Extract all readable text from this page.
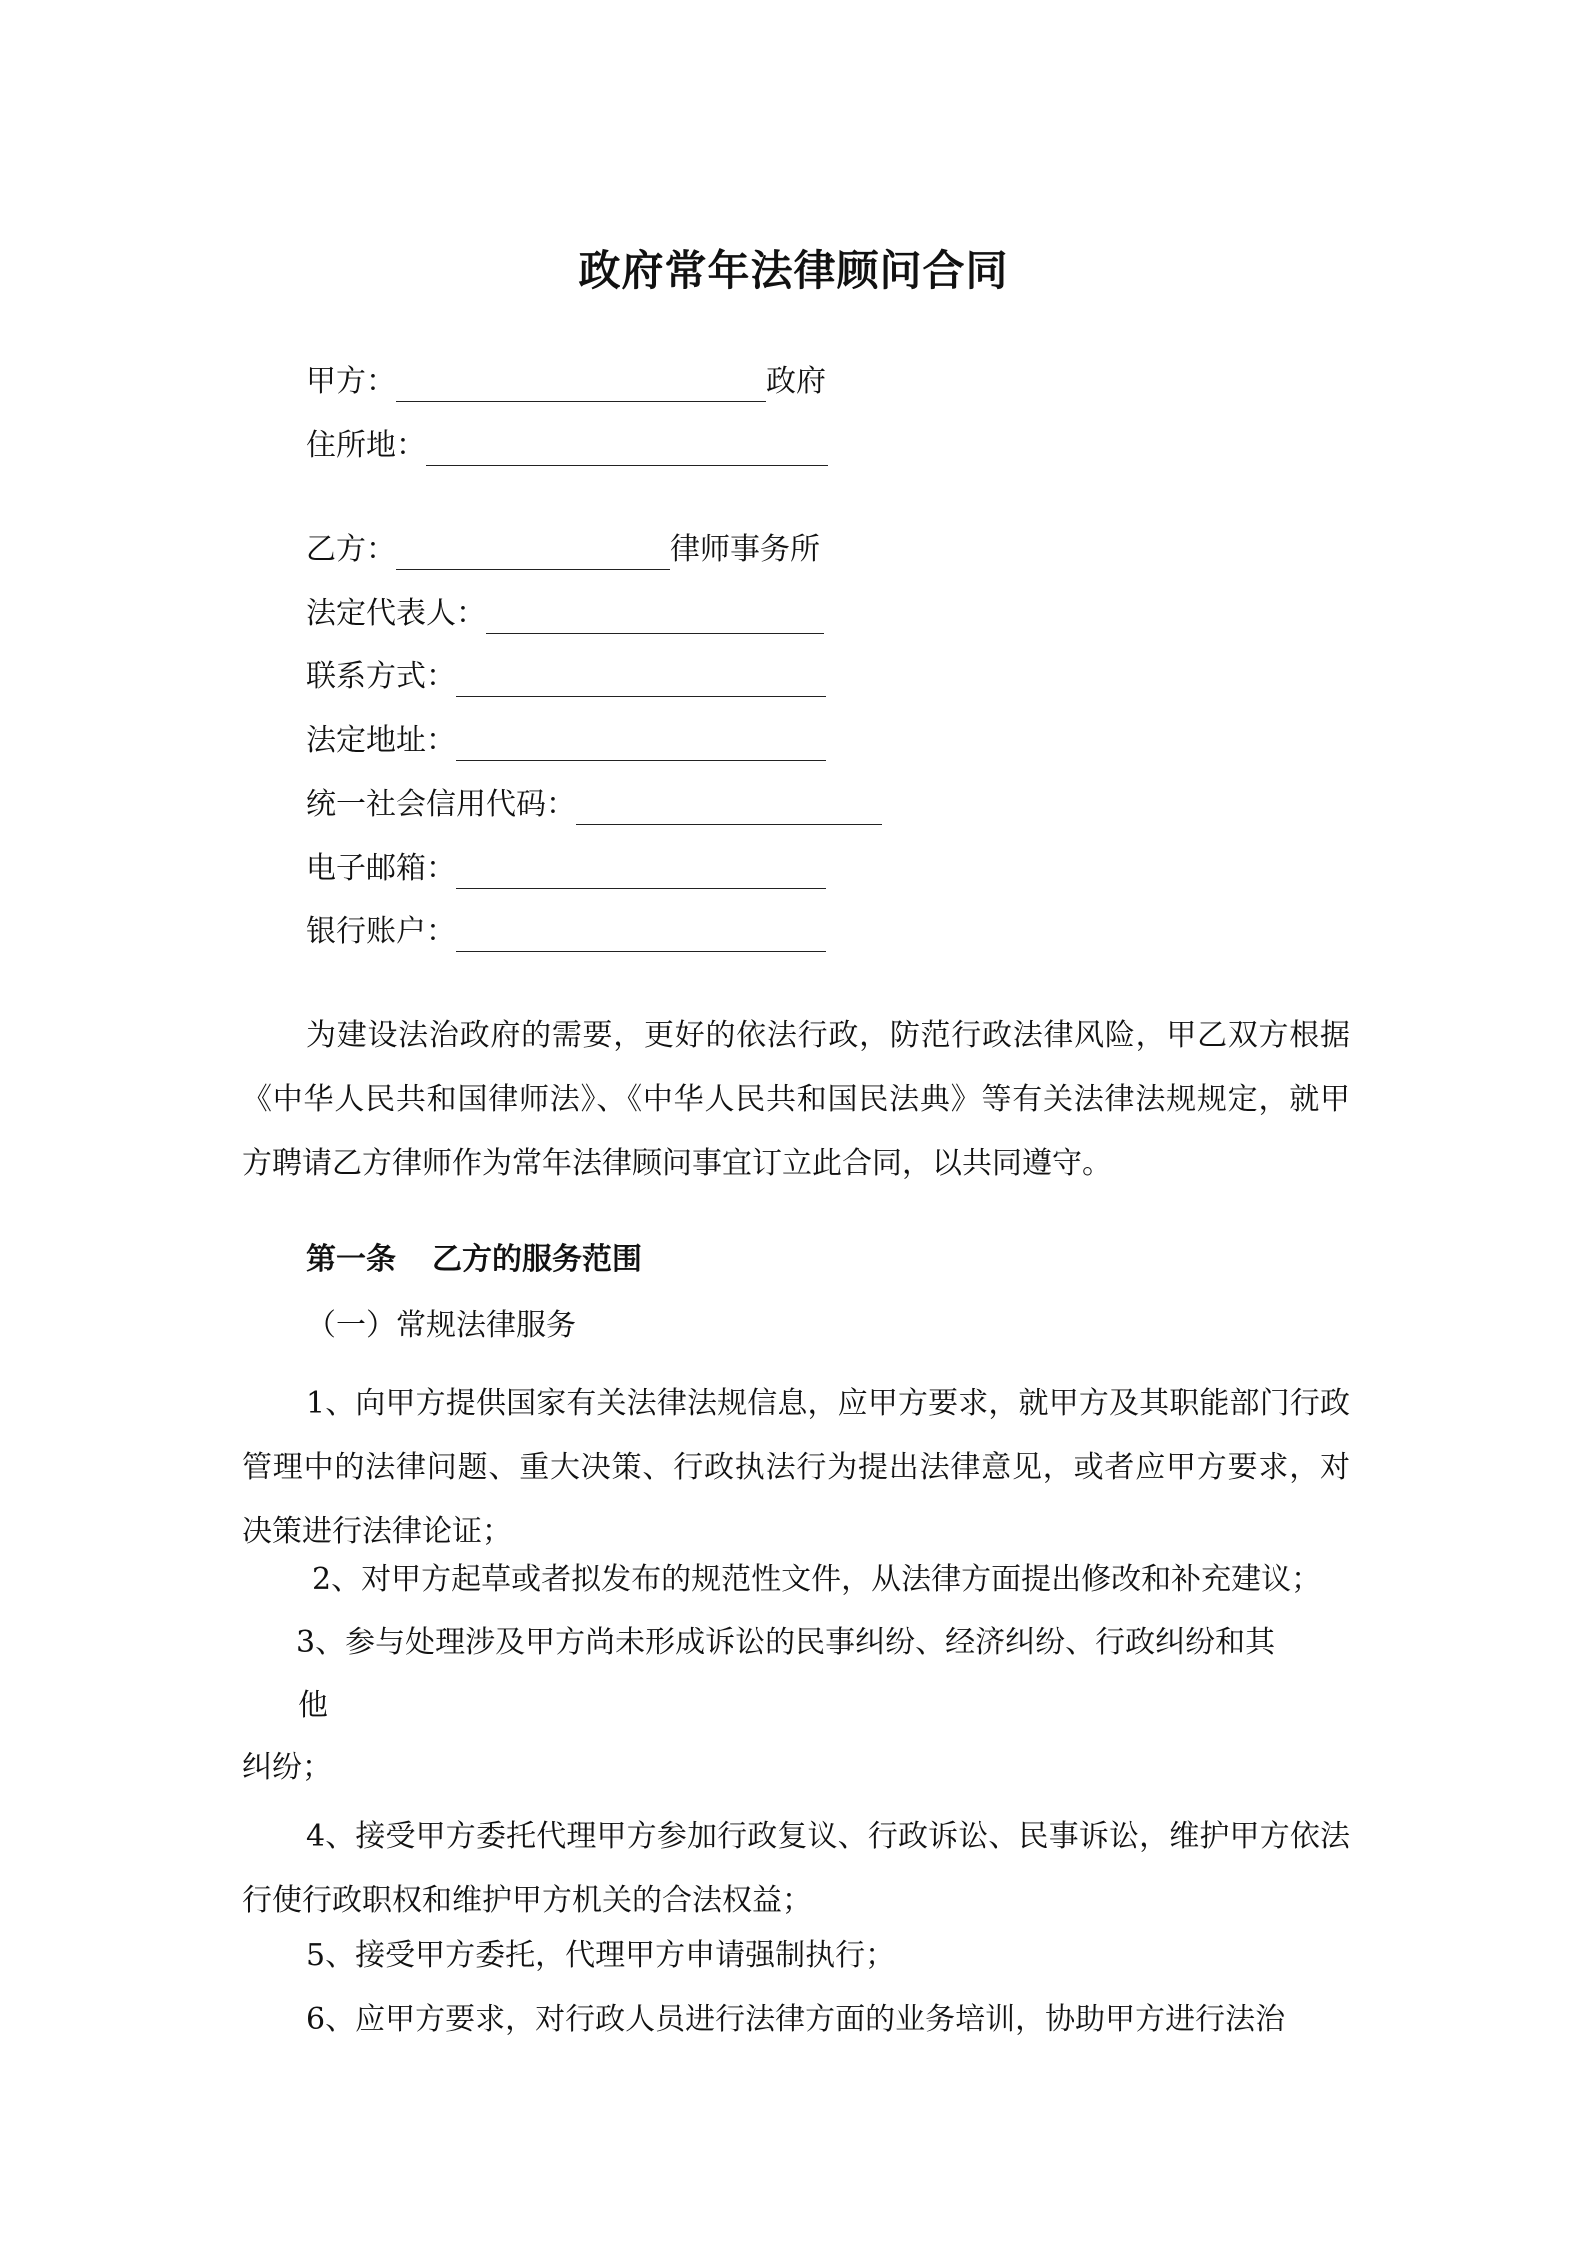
政府常年法律顾问合同
甲方：	政府
住所地：
乙方：	律师事务所
法定代表人：
联系方式：
法定地址：
统一社会信用代码：
电子邮箱：
银行账户：
为建设法治政府的需要，更好的依法行政，防范行政法律风险，甲乙双方根据《中华人民共和国律师法》、《中华人民共和国民法典》等有关法律法规规定，就甲方聘请乙方律师作为常年法律顾问事宜订立此合同，以共同遵守。
第一条 乙方的服务范围
（一）常规法律服务
1、向甲方提供国家有关法律法规信息，应甲方要求，就甲方及其职能部门行政管理中的法律问题、重大决策、行政执法行为提出法律意见，或者应甲方要求，对决策进行法律论证；
2、对甲方起草或者拟发布的规范性文件，从法律方面提出修改和补充建议；
3、参与处理涉及甲方尚未形成诉讼的民事纠纷、经济纠纷、行政纠纷和其
他
纠纷；
4、接受甲方委托代理甲方参加行政复议、行政诉讼、民事诉讼，维护甲方依法行使行政职权和维护甲方机关的合法权益；
5、接受甲方委托，代理甲方申请强制执行；
6、应甲方要求，对行政人员进行法律方面的业务培训，协助甲方进行法治
